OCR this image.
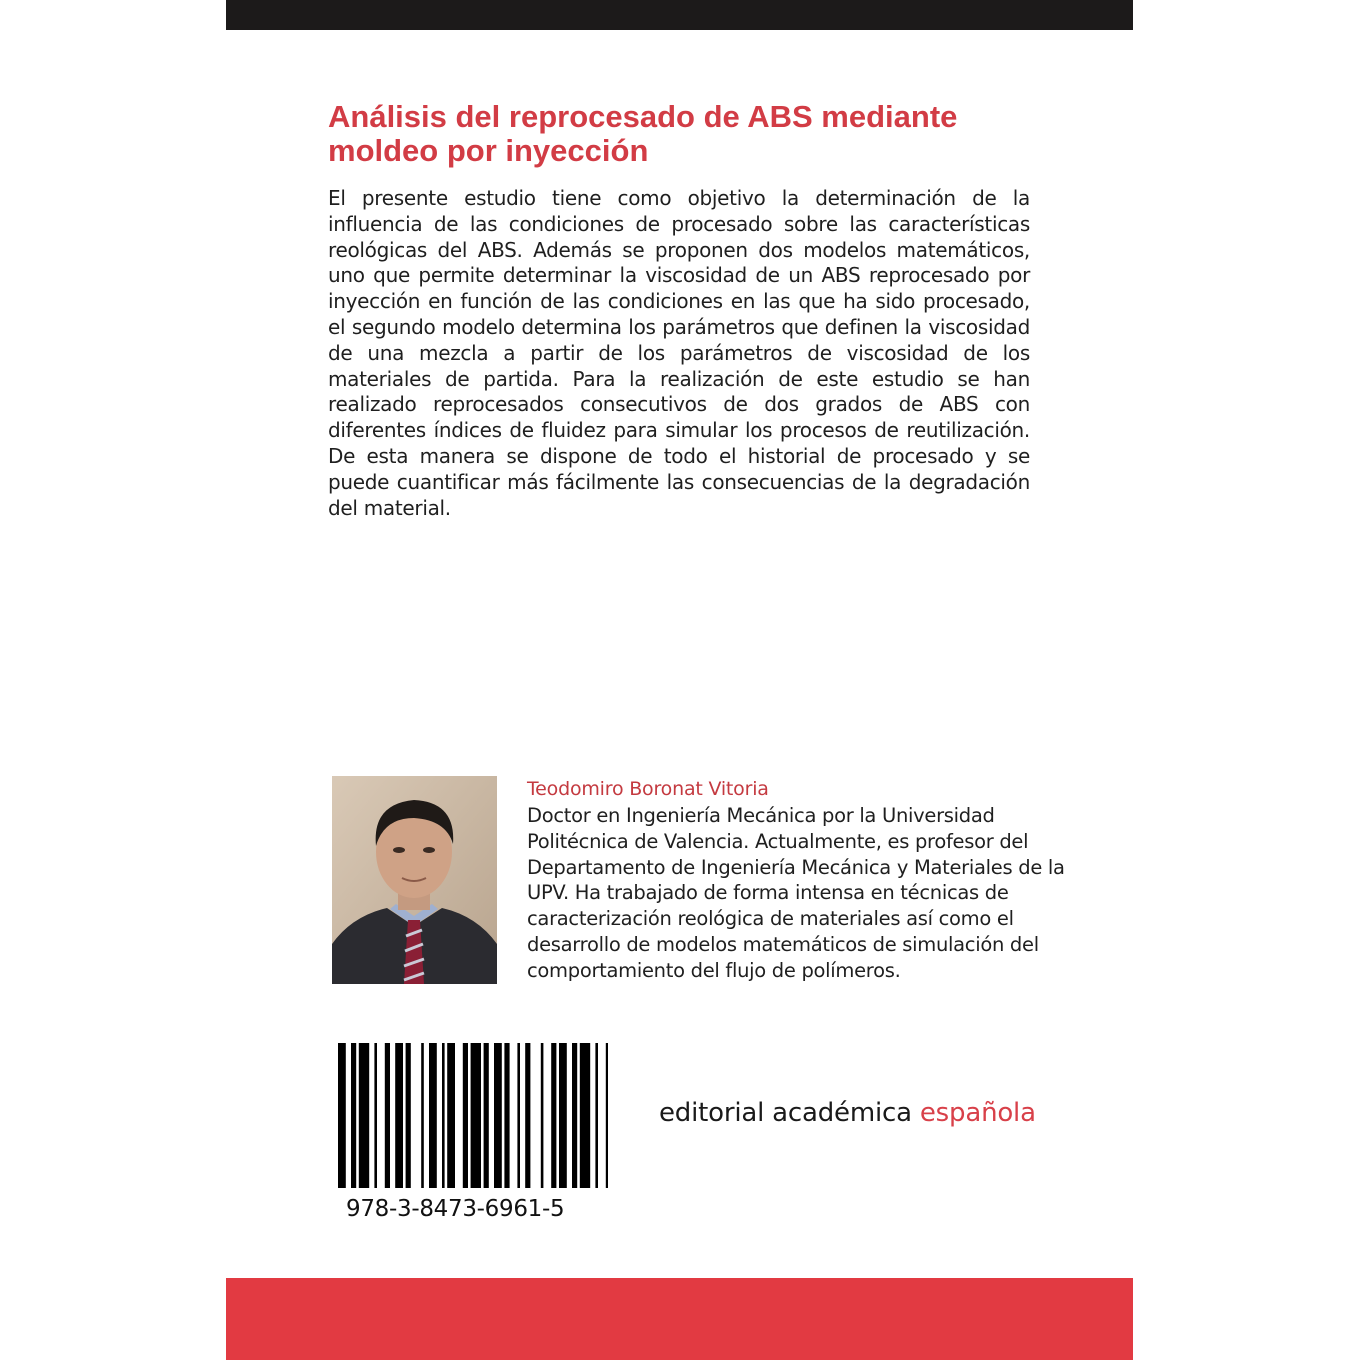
Análisis del reprocesado de ABS mediante moldeo por inyección

El presente estudio tiene como objetivo la determinación de la influencia de las condiciones de procesado sobre las características reológicas del ABS. Además se proponen dos modelos matemáticos, uno que permite determinar la viscosidad de un ABS reprocesado por inyección en función de las condiciones en las que ha sido procesado, el segundo modelo determina los parámetros que definen la viscosidad de una mezcla a partir de los parámetros de viscosidad de los materiales de partida. Para la realización de este estudio se han realizado reprocesados consecutivos de dos grados de ABS con diferentes índices de fluidez para simular los procesos de reutilización. De esta manera se dispone de todo el historial de procesado y se puede cuantificar más fácilmente las consecuencias de la degradación del material.

Teodomiro Boronat Vitoria

Doctor en Ingeniería Mecánica por la Universidad Politécnica de Valencia. Actualmente, es profesor del Departamento de Ingeniería Mecánica y Materiales de la UPV. Ha trabajado de forma intensa en técnicas de caracterización reológica de materiales así como el desarrollo de modelos matemáticos de simulación del comportamiento del flujo de polímeros.

978-3-8473-6961-5
editorial académica española
